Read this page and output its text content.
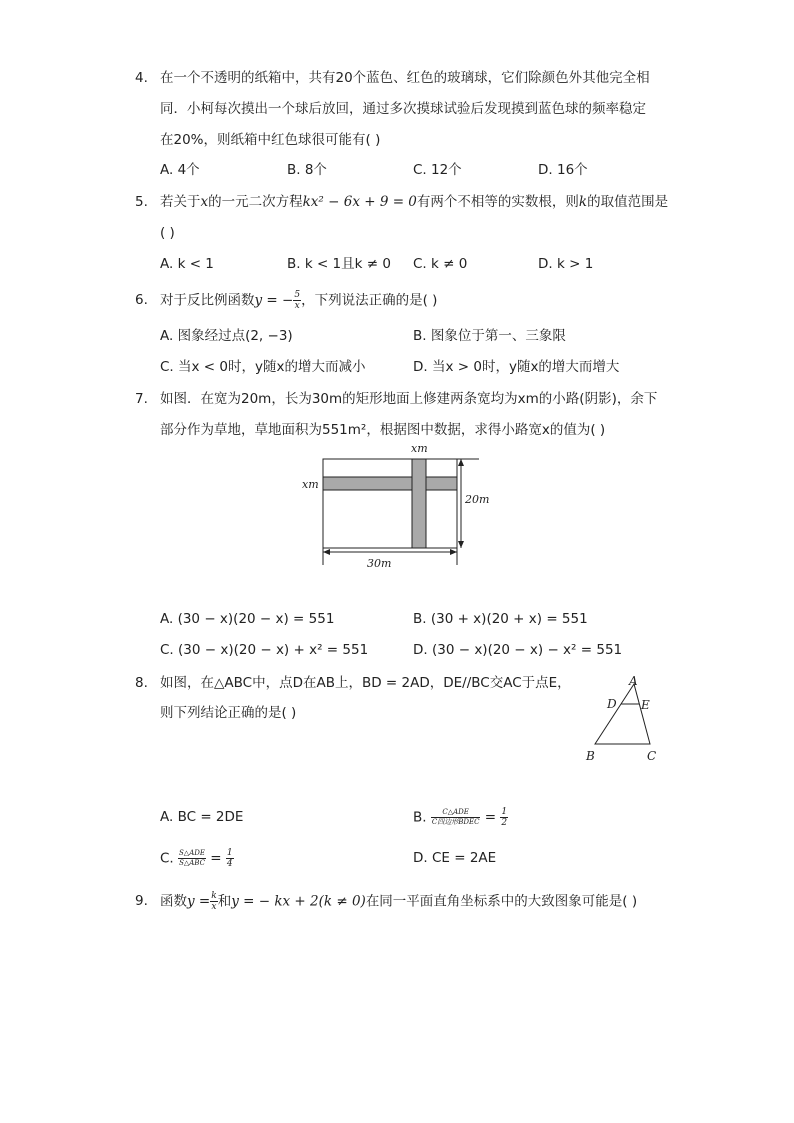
4. 在一个不透明的纸箱中，共有20个蓝色、红色的玻璃球，它们除颜色外其他完全相
同．小柯每次摸出一个球后放回，通过多次摸球试验后发现摸到蓝色球的频率稳定
在20%，则纸箱中红色球很可能有( )
A. 4个	B. 8个	C. 12个	D. 16个
5. 若关于x的一元二次方程kx² − 6x + 9 = 0有两个不相等的实数根，则k的取值范围是
( )
A. k < 1	B. k < 1且k ≠ 0 C. k ≠ 0	D. k > 1
6. 对于反比例函数y = − $\frac{5}{x}$ ，下列说法正确的是( )
A. 图象经过点(2, −3)	B. 图象位于第一、三象限
C. 当x < 0时，y随x的增大而减小	D. 当x > 0时，y随x的增大而增大
7. 如图．在宽为20m，长为30m的矩形地面上修建两条宽均为xm的小路(阴影)，余下
部分作为草地，草地面积为551m²，根据图中数据，求得小路宽x的值为( )
xm
xm
20m
30m
A. (30 − x)(20 − x) = 551	B. (30 + x)(20 + x) = 551
C. (30 − x)(20 − x) + x² = 551	D. (30 − x)(20 − x) − x² = 551
8. 如图，在△ABC中，点D在AB上，BD = 2AD，DE//BC交AC于点E，
则下列结论正确的是( )
A
D E
B	C
A. BC = 2DE	B. $\frac{\text{C△ADE}}{\text{C四边形BDEC}} = \frac{1}{2}$
C. $\frac{\text{S△ADE}}{\text{S△ABC}} = \frac{1}{4}$	D. CE = 2AE
9. 函数$y = \frac{k}{x}$ 和y = − kx + 2(k ≠ 0)在同一平面直角坐标系中的大致图象可能是( )
